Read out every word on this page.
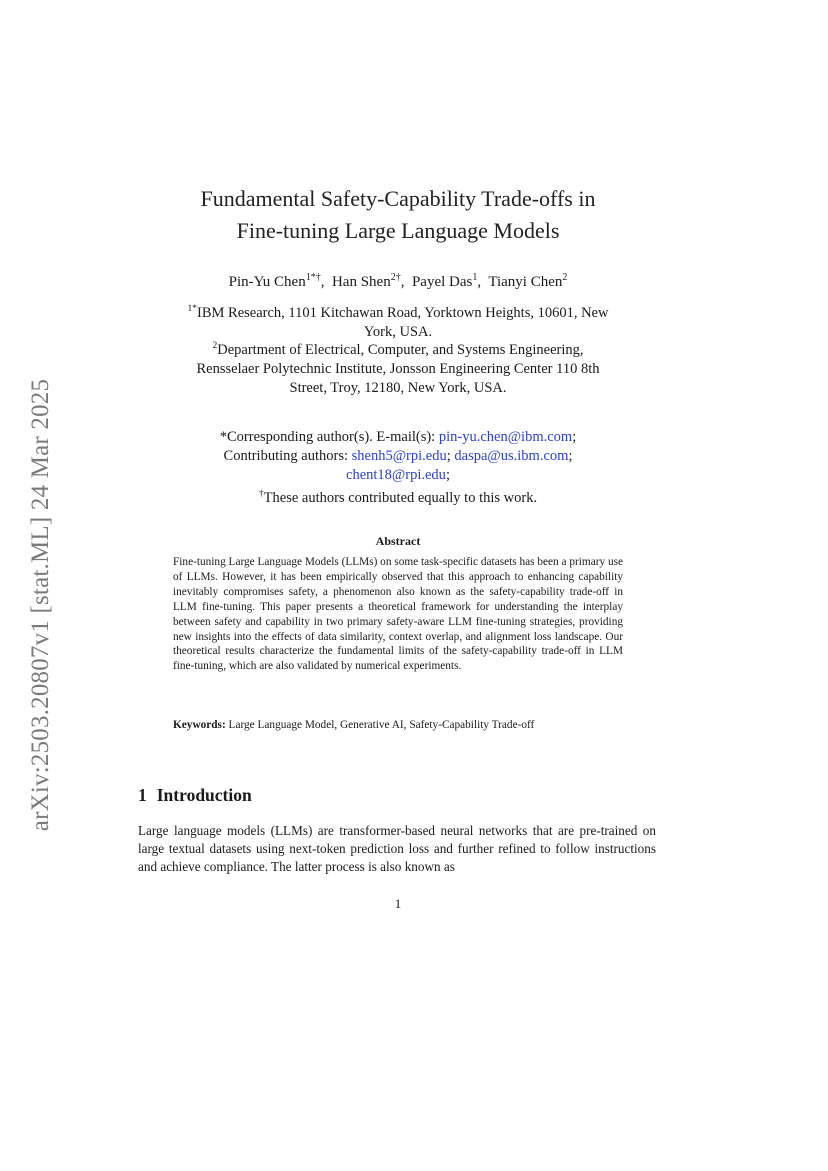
arXiv:2503.20807v1 [stat.ML] 24 Mar 2025
Fundamental Safety-Capability Trade-offs in
Fine-tuning Large Language Models
Pin-Yu Chen$^{1*\dagger}$,  Han Shen$^{2\dagger}$,  Payel Das$^1$,  Tianyi Chen$^2$
$^{1*}$IBM Research, 1101 Kitchawan Road, Yorktown Heights, 10601, New
York, USA.
$^2$Department of Electrical, Computer, and Systems Engineering,
Rensselaer Polytechnic Institute, Jonsson Engineering Center 110 8th
Street, Troy, 12180, New York, USA.
*Corresponding author(s). E-mail(s): pin-yu.chen@ibm.com;
Contributing authors: shenh5@rpi.edu; daspa@us.ibm.com;
chent18@rpi.edu;
†These authors contributed equally to this work.
Abstract
Fine-tuning Large Language Models (LLMs) on some task-specific datasets has been a primary use of LLMs. However, it has been empirically observed that this approach to enhancing capability inevitably compromises safety, a phenomenon also known as the safety-capability trade-off in LLM fine-tuning. This paper presents a theoretical framework for understanding the interplay between safety and capability in two primary safety-aware LLM fine-tuning strategies, providing new insights into the effects of data similarity, context overlap, and alignment loss landscape. Our theoretical results characterize the fundamental limits of the safety-capability trade-off in LLM fine-tuning, which are also validated by numerical experiments.
Keywords: Large Language Model, Generative AI, Safety-Capability Trade-off
1 Introduction
Large language models (LLMs) are transformer-based neural networks that are pre-trained on large textual datasets using next-token prediction loss and further refined to follow instructions and achieve compliance. The latter process is also known as
1
